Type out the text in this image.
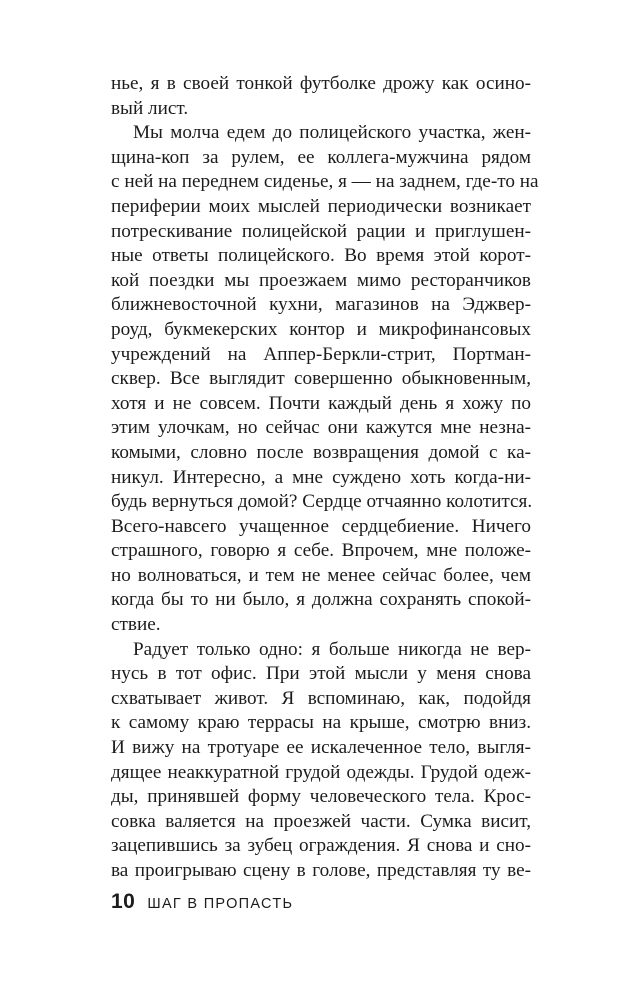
нье, я в своей тонкой футболке дрожу как осино-
вый лист.
Мы молча едем до полицейского участка, жен-
щина-коп за рулем, ее коллега-мужчина рядом
с ней на переднем сиденье, я — на заднем, где-то на
периферии моих мыслей периодически возникает
потрескивание полицейской рации и приглушен-
ные ответы полицейского. Во время этой корот-
кой поездки мы проезжаем мимо ресторанчиков
ближневосточной кухни, магазинов на Эджвер-
роуд, букмекерских контор и микрофинансовых
учреждений на Аппер-Беркли-стрит, Портман-
сквер. Все выглядит совершенно обыкновенным,
хотя и не совсем. Почти каждый день я хожу по
этим улочкам, но сейчас они кажутся мне незна-
комыми, словно после возвращения домой с ка-
никул. Интересно, а мне суждено хоть когда-ни-
будь вернуться домой? Сердце отчаянно колотится.
Всего-навсего учащенное сердцебиение. Ничего
страшного, говорю я себе. Впрочем, мне положе-
но волноваться, и тем не менее сейчас более, чем
когда бы то ни было, я должна сохранять спокой-
ствие.
Радует только одно: я больше никогда не вер-
нусь в тот офис. При этой мысли у меня снова
схватывает живот. Я вспоминаю, как, подойдя
к самому краю террасы на крыше, смотрю вниз.
И вижу на тротуаре ее искалеченное тело, выгля-
дящее неаккуратной грудой одежды. Грудой одеж-
ды, принявшей форму человеческого тела. Крос-
совка валяется на проезжей части. Сумка висит,
зацепившись за зубец ограждения. Я снова и сно-
ва проигрываю сцену в голове, представляя ту ве-
10 ШАГ В ПРОПАСТЬ
